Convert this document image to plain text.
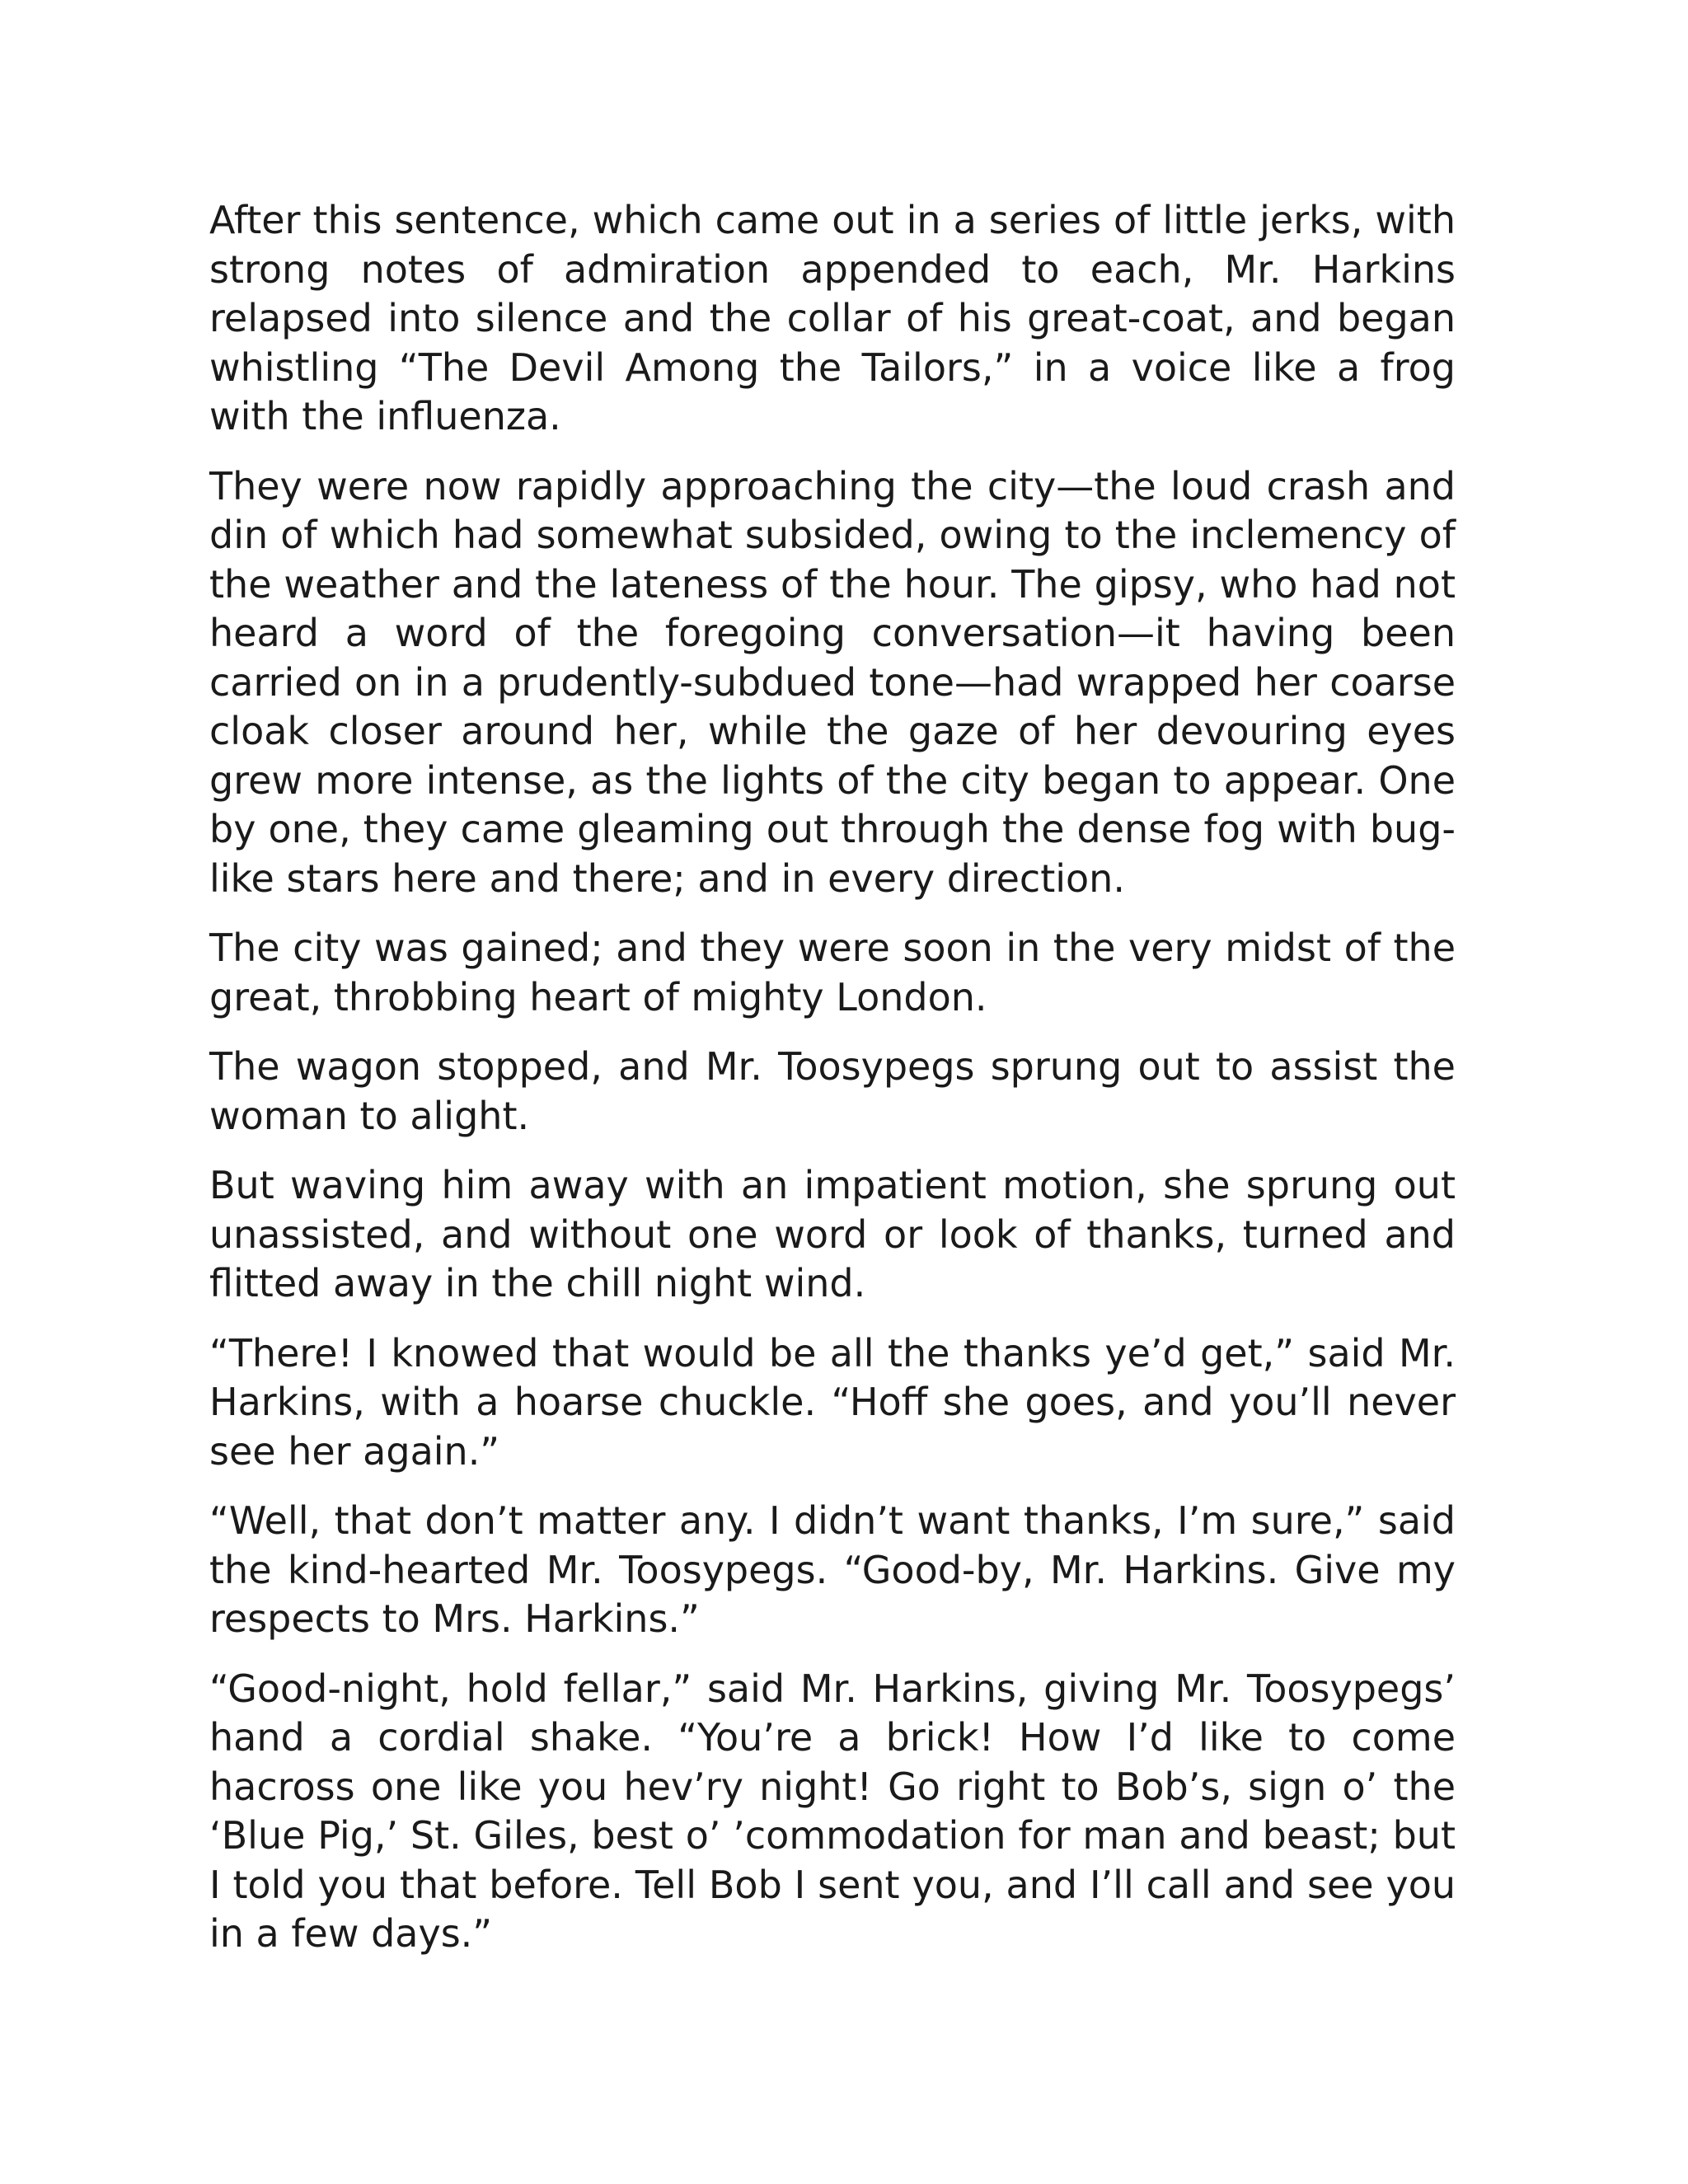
After this sentence, which came out in a series of little jerks, with strong notes of admiration appended to each, Mr. Harkins relapsed into silence and the collar of his great-coat, and began whistling “The Devil Among the Tailors,” in a voice like a frog with the influenza.

They were now rapidly approaching the city—the loud crash and din of which had somewhat subsided, owing to the inclemency of the weather and the lateness of the hour. The gipsy, who had not heard a word of the foregoing conversation—it having been carried on in a prudently-subdued tone—had wrapped her coarse cloak closer around her, while the gaze of her devouring eyes grew more intense, as the lights of the city began to appear. One by one, they came gleaming out through the dense fog with bug-like stars here and there; and in every direction.

The city was gained; and they were soon in the very midst of the great, throbbing heart of mighty London.

The wagon stopped, and Mr. Toosypegs sprung out to assist the woman to alight.

But waving him away with an impatient motion, she sprung out unassisted, and without one word or look of thanks, turned and flitted away in the chill night wind.

“There! I knowed that would be all the thanks ye’d get,” said Mr. Harkins, with a hoarse chuckle. “Hoff she goes, and you’ll never see her again.”

“Well, that don’t matter any. I didn’t want thanks, I’m sure,” said the kind-hearted Mr. Toosypegs. “Good-by, Mr. Harkins. Give my respects to Mrs. Harkins.”

“Good-night, hold fellar,” said Mr. Harkins, giving Mr. Toosypegs’ hand a cordial shake. “You’re a brick! How I’d like to come hacross one like you hev’ry night! Go right to Bob’s, sign o’ the ‘Blue Pig,’ St. Giles, best o’ ’commodation for man and beast; but I told you that before. Tell Bob I sent you, and I’ll call and see you in a few days.”
